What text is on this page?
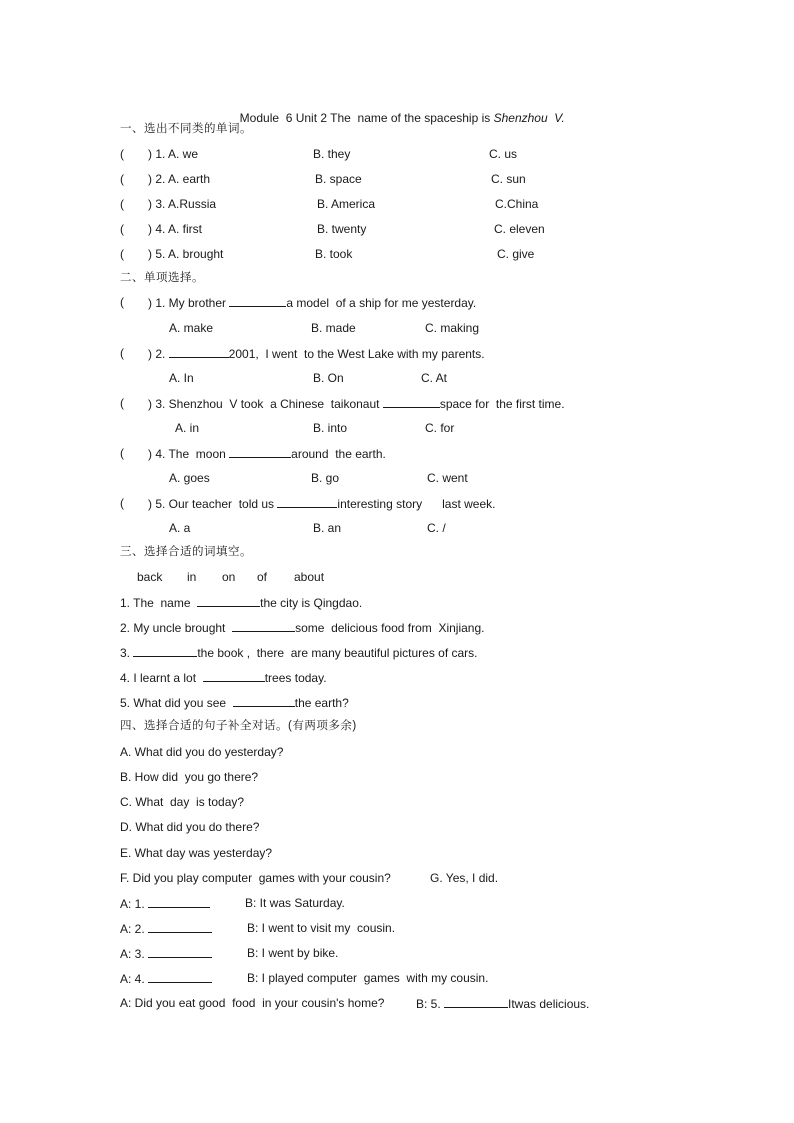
Module  6 Unit 2 The  name of the spaceship is Shenzhou  V.

一、选出不同类的单词。
( ) 1. A. we	B. they	C. us
( ) 2. A. earth	B. space	C. sun
( ) 3. A.Russia	B. America	C.China
( ) 4. A. first	B. twenty	C. eleven
( ) 5. A. brought	B. took	C. give
二、单项选择。
( ) 1. My brother	a model  of a ship for me yesterday.
A. make	B. made	C. making
( ) 2.	2001,  I went  to the West Lake with my parents.
A. In	B. On	C. At
( ) 3. Shenzhou  V took  a Chinese  taikonaut	space for  the first time.
A. in	B. into	C. for
( ) 4. The  moon	around  the earth.
A. goes	B. go	C. went
( ) 5. Our teacher  told us	interesting story      last week.
A. a	B. an	C. /
三、选择合适的词填空。
back in on of about
1. The  name	the city is Qingdao.
2. My uncle brought	some  delicious food from  Xinjiang.
3.	the book ,  there  are many beautiful pictures of cars.
4. I learnt a lot	trees today.
5. What did you see	the earth?
四、选择合适的句子补全对话。(有两项多余)
A. What did you do yesterday?
B. How did  you go there?
C. What  day  is today?
D. What did you do there?
E. What day was yesterday?
F. Did you play computer  games with your cousin?	G. Yes, I did.
A: 1.	B: It was Saturday.
A: 2.	B: I went to visit my  cousin.
A: 3.	B: I went by bike.
A: 4.	B: I played computer  games  with my cousin.
A: Did you eat good  food  in your cousin's home?	B: 5.	Itwas delicious.
